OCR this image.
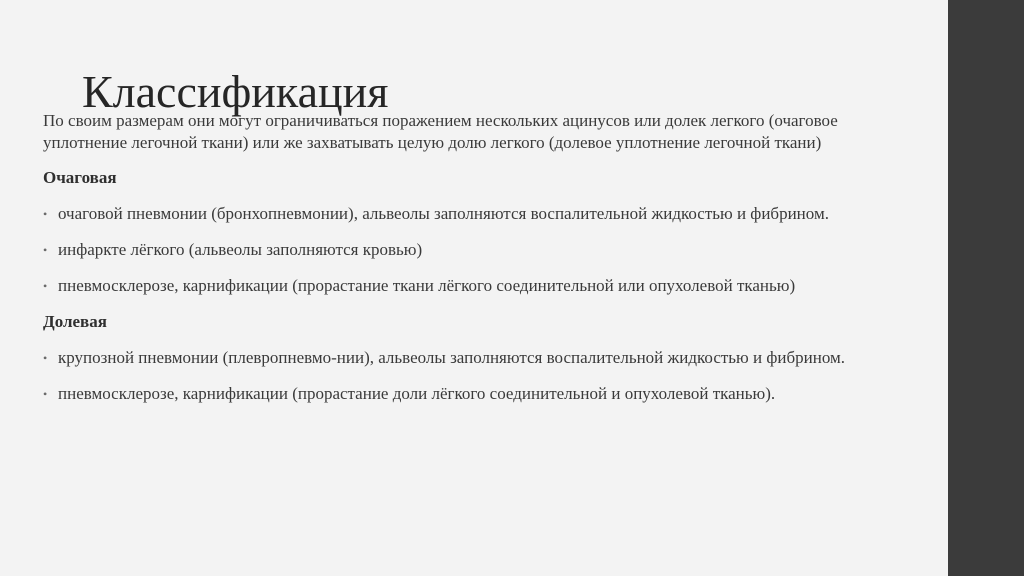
Классификация

По своим размерам они могут ограничиваться поражением нескольких ацинусов или долек легкого (очаговое уплотнение легочной ткани) или же захватывать целую долю легкого (долевое уплотнение легочной ткани)

Очаговая
• очаговой пневмонии (бронхопневмонии), альвеолы заполняются воспалительной жидкостью и фибрином.
• инфаркте лёгкого (альвеолы заполняются кровью)
• пневмосклерозе, карнификации (прорастание ткани лёгкого соединительной или опухолевой тканью)
Долевая
• крупозной пневмонии (плевропневмо-нии), альвеолы заполняются воспалительной жидкостью и фибрином.
• пневмосклерозе, карнификации (прорастание доли лёгкого соединительной и опухолевой тканью).
